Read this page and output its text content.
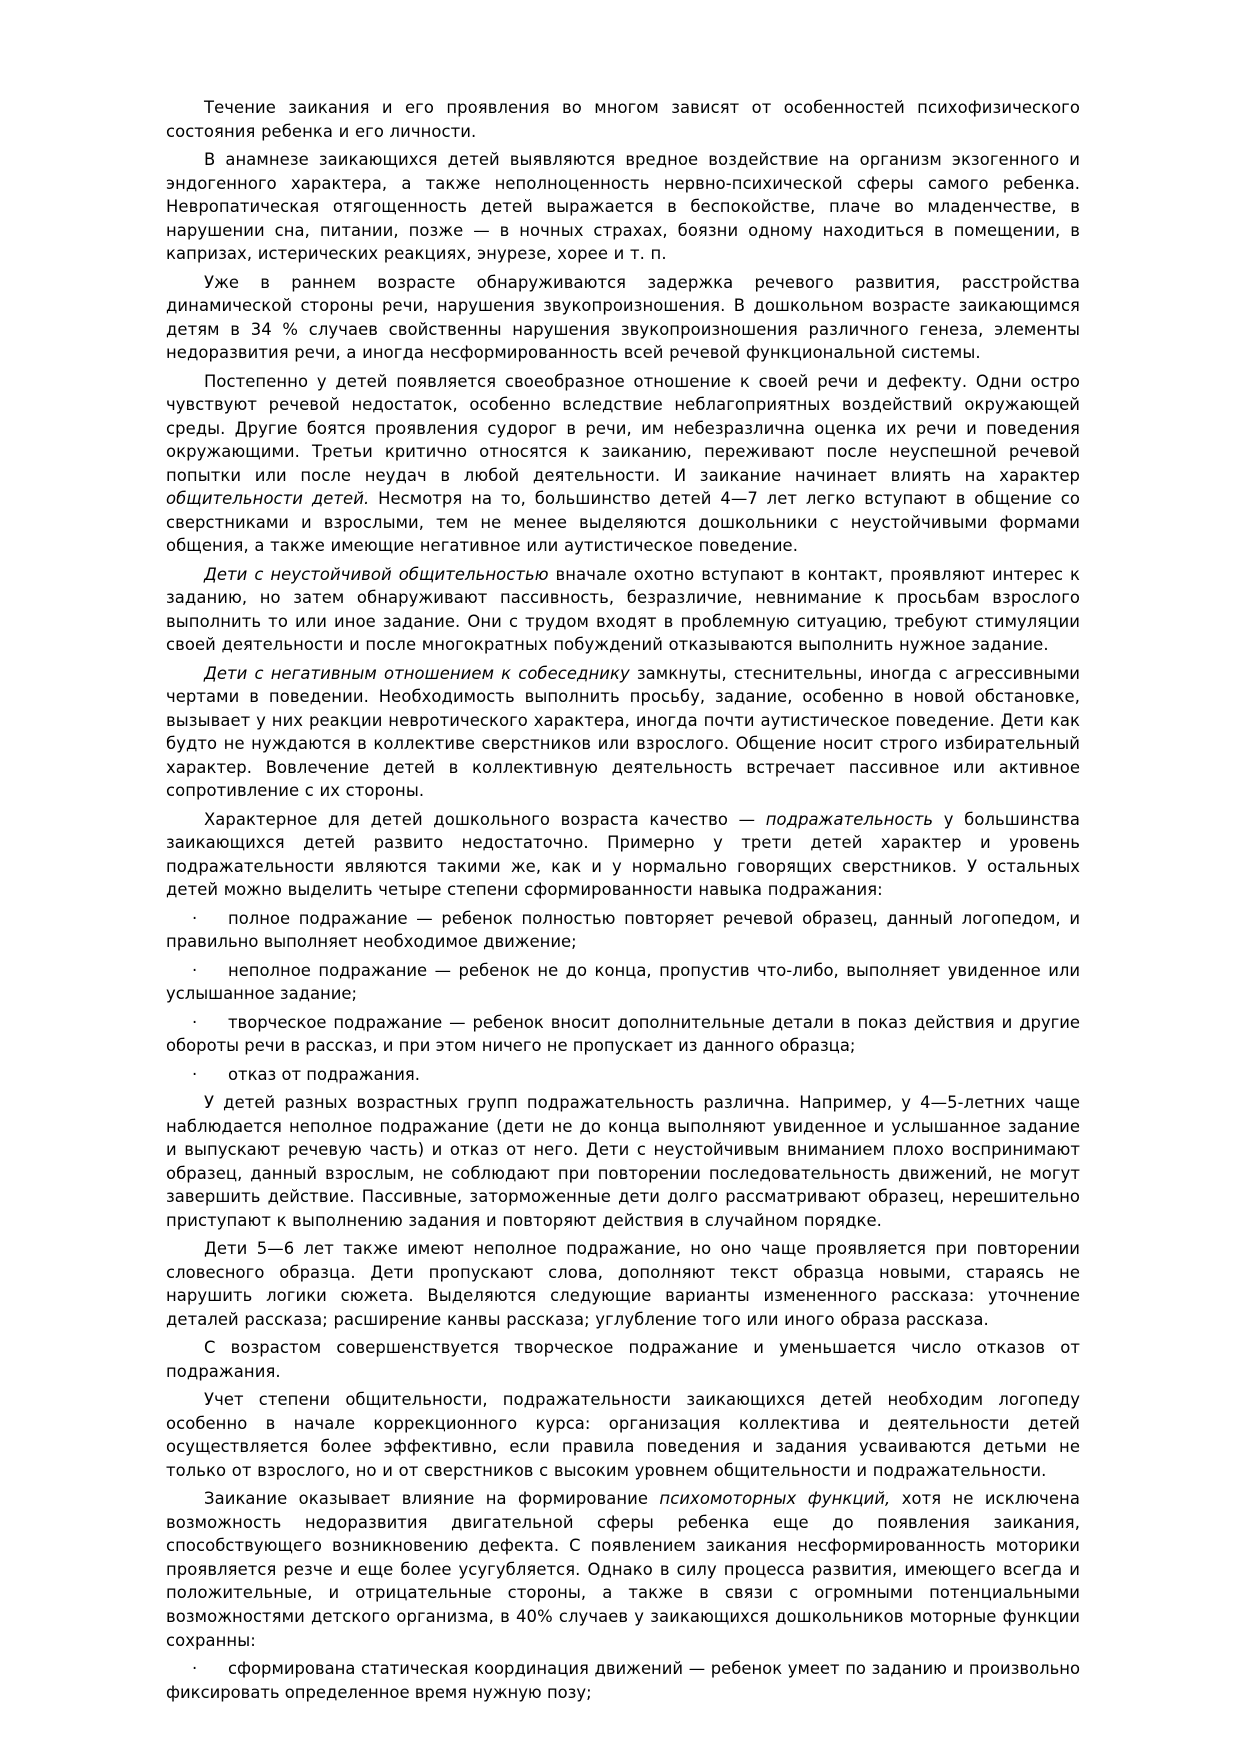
Течение заикания и его проявления во многом зависят от особенностей психофизического состояния ребенка и его личности.

В анамнезе заикающихся детей выявляются вредное воздействие на организм экзогенного и эндогенного характера, а также неполноценность нервно-психической сферы самого ребенка. Невропатическая отягощенность детей выражается в беспокойстве, плаче во младенчестве, в нарушении сна, питании, позже — в ночных страхах, боязни одному находиться в помещении, в капризах, истерических реакциях, энурезе, хорее и т. п.

Уже в раннем возрасте обнаруживаются задержка речевого развития, расстройства динамической стороны речи, нарушения звукопроизношения. В дошкольном возрасте заикающимся детям в 34 % случаев свойственны нарушения звукопроизношения различного генеза, элементы недоразвития речи, а иногда несформированность всей речевой функциональной системы.

Постепенно у детей появляется своеобразное отношение к своей речи и дефекту. Одни остро чувствуют речевой недостаток, особенно вследствие неблагоприятных воздействий окружающей среды. Другие боятся проявления судорог в речи, им небезразлична оценка их речи и поведения окружающими. Третьи критично относятся к заиканию, переживают после неуспешной речевой попытки или после неудач в любой деятельности. И заикание начинает влиять на характер общительности детей. Несмотря на то, большинство детей 4—7 лет легко вступают в общение со сверстниками и взрослыми, тем не менее выделяются дошкольники с неустойчивыми формами общения, а также имеющие негативное или аутистическое поведение.

Дети с неустойчивой общительностью вначале охотно вступают в контакт, проявляют интерес к заданию, но затем обнаруживают пассивность, безразличие, невнимание к просьбам взрослого выполнить то или иное задание. Они с трудом входят в проблемную ситуацию, требуют стимуляции своей деятельности и после многократных побуждений отказываются выполнить нужное задание.

Дети с негативным отношением к собеседнику замкнуты, стеснительны, иногда с агрессивными чертами в поведении. Необходимость выполнить просьбу, задание, особенно в новой обстановке, вызывает у них реакции невротического характера, иногда почти аутистическое поведение. Дети как будто не нуждаются в коллективе сверстников или взрослого. Общение носит строго избирательный характер. Вовлечение детей в коллективную деятельность встречает пассивное или активное сопротивление с их стороны.

Характерное для детей дошкольного возраста качество — подражательность у большинства заикающихся детей развито недостаточно. Примерно у трети детей характер и уровень подражательности являются такими же, как и у нормально говорящих сверстников. У остальных детей можно выделить четыре степени сформированности навыка подражания:

· полное подражание — ребенок полностью повторяет речевой образец, данный логопедом, и правильно выполняет необходимое движение;

· неполное подражание — ребенок не до конца, пропустив что-либо, выполняет увиденное или услышанное задание;

· творческое подражание — ребенок вносит дополнительные детали в показ действия и другие обороты речи в рассказ, и при этом ничего не пропускает из данного образца;

· отказ от подражания.

У детей разных возрастных групп подражательность различна. Например, у 4—5-летних чаще наблюдается неполное подражание (дети не до конца выполняют увиденное и услышанное задание и выпускают речевую часть) и отказ от него. Дети с неустойчивым вниманием плохо воспринимают образец, данный взрослым, не соблюдают при повторении последовательность движений, не могут завершить действие. Пассивные, заторможенные дети долго рассматривают образец, нерешительно приступают к выполнению задания и повторяют действия в случайном порядке.

Дети 5—6 лет также имеют неполное подражание, но оно чаще проявляется при повторении словесного образца. Дети пропускают слова, дополняют текст образца новыми, стараясь не нарушить логики сюжета. Выделяются следующие варианты измененного рассказа: уточнение деталей рассказа; расширение канвы рассказа; углубление того или иного образа рассказа.

С возрастом совершенствуется творческое подражание и уменьшается число отказов от подражания.

Учет степени общительности, подражательности заикающихся детей необходим логопеду особенно в начале коррекционного курса: организация коллектива и деятельности детей осуществляется более эффективно, если правила поведения и задания усваиваются детьми не только от взрослого, но и от сверстников с высоким уровнем общительности и подражательности.

Заикание оказывает влияние на формирование психомоторных функций, хотя не исключена возможность недоразвития двигательной сферы ребенка еще до появления заикания, способствующего возникновению дефекта. С появлением заикания несформированность моторики проявляется резче и еще более усугубляется. Однако в силу процесса развития, имеющего всегда и положительные, и отрицательные стороны, а также в связи с огромными потенциальными возможностями детского организма, в 40% случаев у заикающихся дошкольников моторные функции сохранны:

· сформирована статическая координация движений — ребенок умеет по заданию и произвольно фиксировать определенное время нужную позу;
